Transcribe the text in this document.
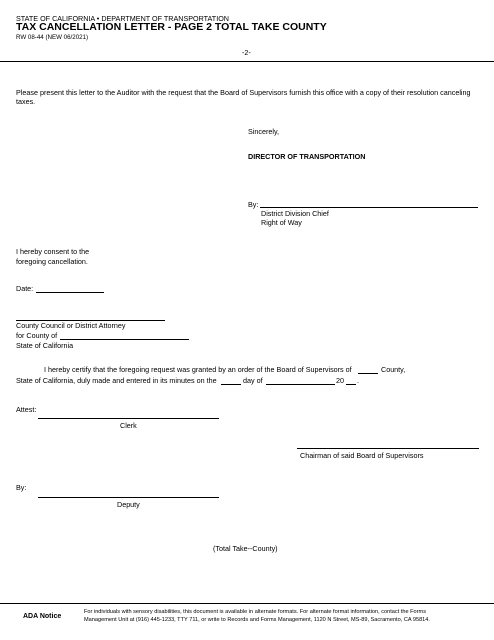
STATE OF CALIFORNIA • DEPARTMENT OF TRANSPORTATION
TAX CANCELLATION LETTER - PAGE 2 TOTAL TAKE COUNTY
RW 08-44 (NEW 06/2021)
-2-
Please present this letter to the Auditor with the request that the Board of Supervisors furnish this office with a copy of their resolution canceling
taxes.
Sincerely,
DIRECTOR OF TRANSPORTATION
By:
District Division Chief
Right of Way
I hereby consent to the
foregoing cancellation.
Date:
County Council or District Attorney
for County of
State of California
I hereby certify that the foregoing request was granted by an order of the Board of Supervisors of	County,
State of California, duly made and entered in its minutes on the	day of	20 .
Attest:
Clerk
Chairman of said Board of Supervisors
By:
Deputy
(Total Take--County)
ADA Notice
For individuals with sensory disabilities, this document is available in alternate formats. For alternate format information, contact the Forms
Management Unit at (916) 445-1233, TTY 711, or write to Records and Forms Management, 1120 N Street, MS-89, Sacramento, CA 95814.
